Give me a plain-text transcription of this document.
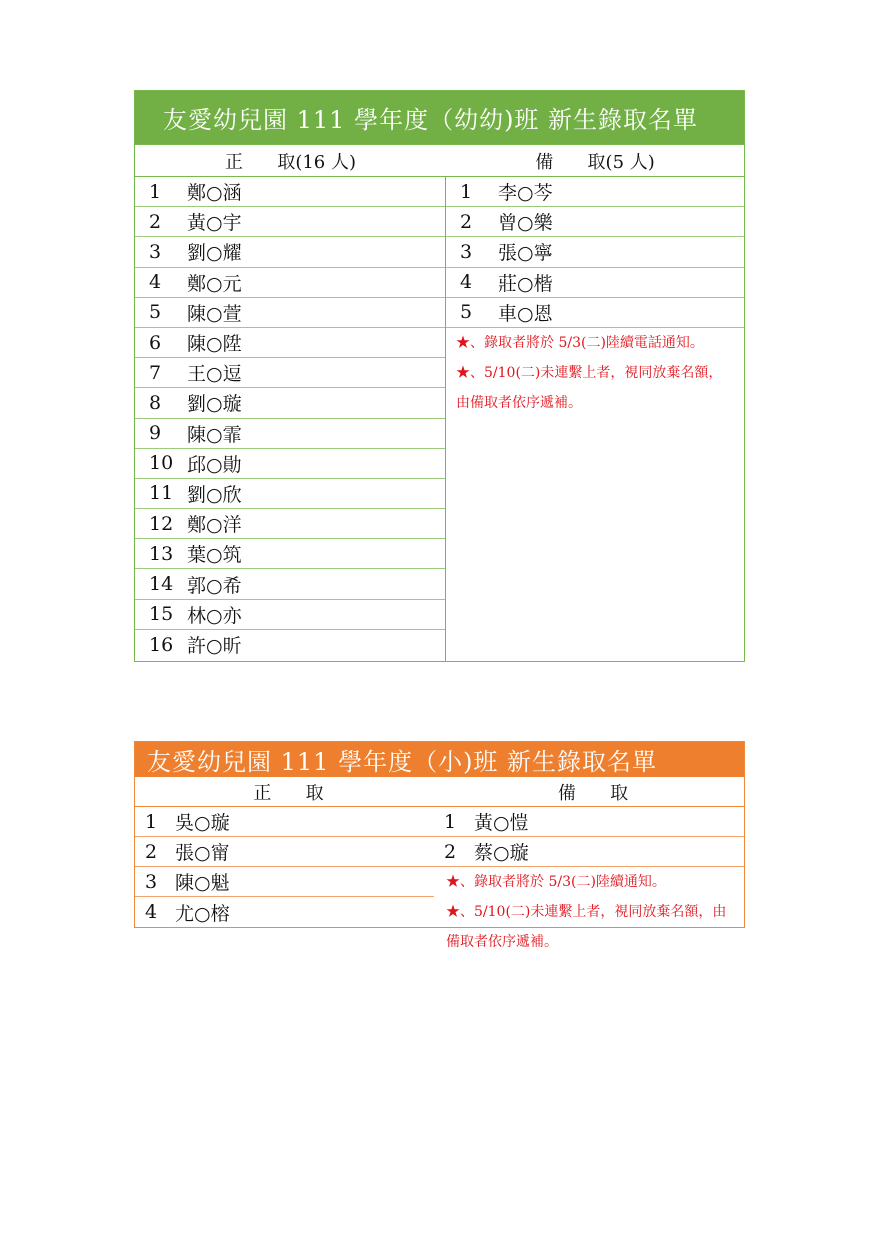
友愛幼兒園 111 學年度（幼幼)班 新生錄取名單
正      取(16 人)	備      取(5 人)
1	鄭○涵
2	黃○宇
3	劉○耀
4	鄭○元
5	陳○萱
6	陳○陞
7	王○逗
8	劉○璇
9	陳○霏
10 邱○勛
11 劉○欣
12 鄭○洋
13 葉○筑
14 郭○希
15 林○亦
16 許○昕
1	李○芩
2	曾○樂
3	張○寧
4	莊○楷
5	車○恩
★、錄取者將於 5/3(二)陸續電話通知。
★、5/10(二)未連繫上者，視同放棄名額，由備取者依序遞補。
友愛幼兒園 111 學年度（小)班 新生錄取名單
正      取	備      取
1 吳○璇
2 張○甯
3 陳○魁
4 尤○榕
1 黃○愷
2 蔡○璇
★、錄取者將於 5/3(二)陸續通知。
★、5/10(二)未連繫上者，視同放棄名額，由備取者依序遞補。
